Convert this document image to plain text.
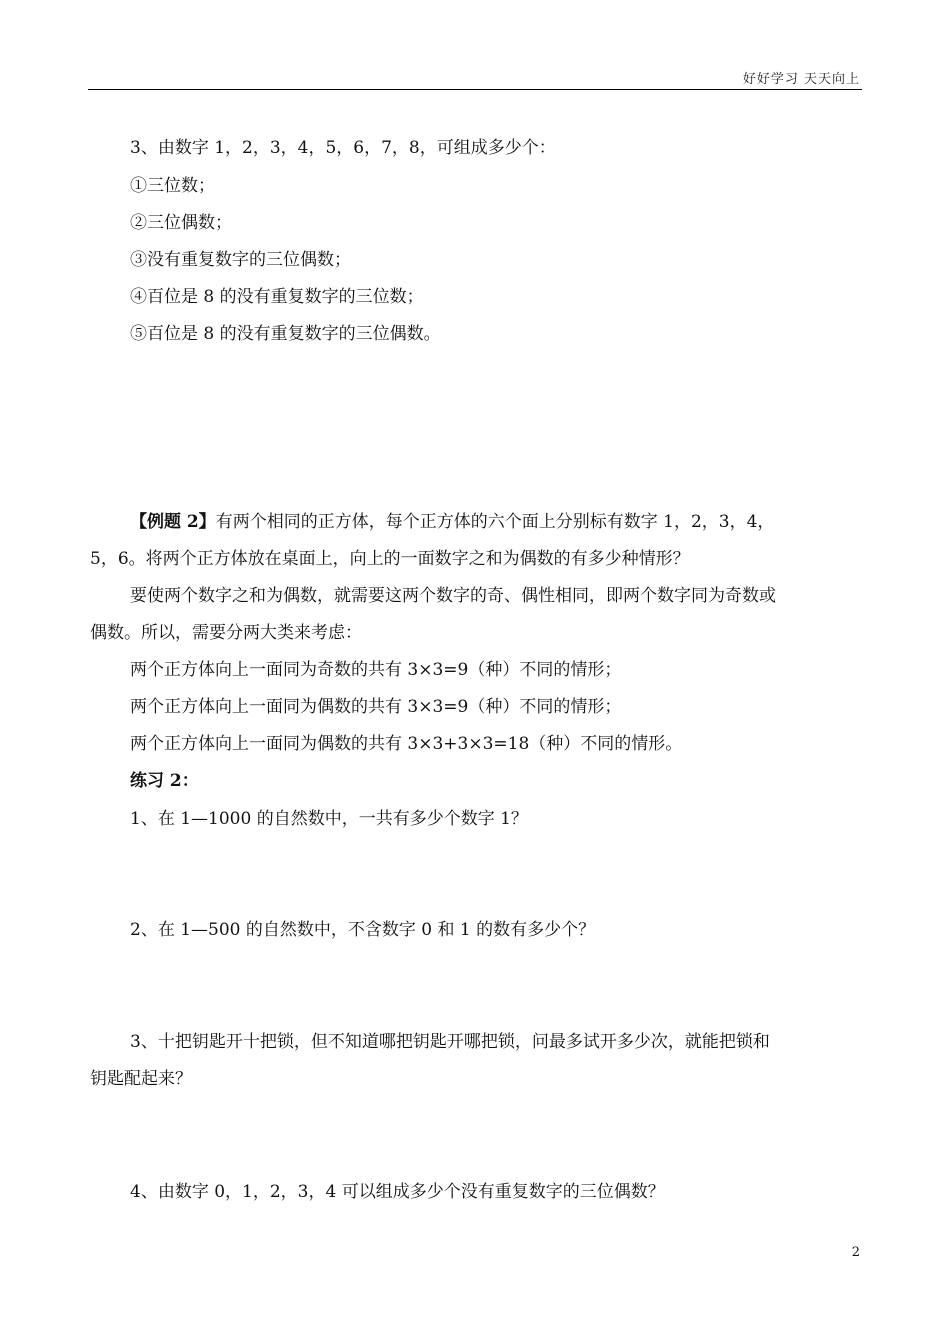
好好学习 天天向上
3、由数字 1，2，3，4，5，6，7，8，可组成多少个：
①三位数；
②三位偶数；
③没有重复数字的三位偶数；
④百位是 8 的没有重复数字的三位数；
⑤百位是 8 的没有重复数字的三位偶数。
【例题 2】有两个相同的正方体，每个正方体的六个面上分别标有数字 1，2，3，4，
5，6。将两个正方体放在桌面上，向上的一面数字之和为偶数的有多少种情形？
要使两个数字之和为偶数，就需要这两个数字的奇、偶性相同，即两个数字同为奇数或
偶数。所以，需要分两大类来考虑：
两个正方体向上一面同为奇数的共有 3×3=9（种）不同的情形；
两个正方体向上一面同为偶数的共有 3×3=9（种）不同的情形；
两个正方体向上一面同为偶数的共有 3×3+3×3=18（种）不同的情形。
练习 2：
1、在 1—1000 的自然数中，一共有多少个数字 1？
2、在 1—500 的自然数中，不含数字 0 和 1 的数有多少个？
3、十把钥匙开十把锁，但不知道哪把钥匙开哪把锁，问最多试开多少次，就能把锁和
钥匙配起来？
4、由数字 0，1，2，3，4 可以组成多少个没有重复数字的三位偶数？
2
